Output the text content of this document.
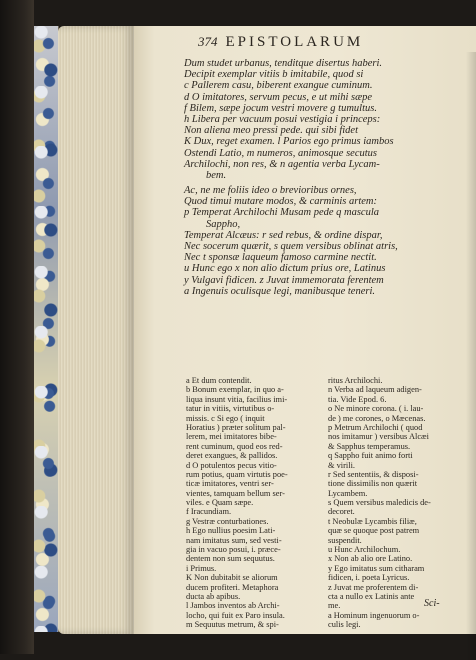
374 EPISTOLARUM
Dum studet urbanus, tenditque disertus haberi.
Decipit exemplar vitiis b imitabile, quod si
c Pallerem casu, biberent exangue cuminum.
d O imitatores, servum pecus, e ut mihi sæpe
f Bilem, sæpe jocum vestri movere g tumultus.
h Libera per vacuum posui vestigia i princeps:
Non aliena meo pressi pede. qui sibi fidet
K Dux, reget examen. l Parios ego primus iambos
Ostendi Latio, m numeros, animosque secutus
Archilochi, non res, & n agentia verba Lycam-
bem.
Ac, ne me foliis ideo o brevioribus ornes,
Quod timui mutare modos, & carminis artem:
p Temperat Archilochi Musam pede q mascula
Sappho,
Temperat Alcæus: r sed rebus, & ordine dispar,
Nec socerum quærit, s quem versibus oblinat atris,
Nec t sponsæ laqueum famoso carmine nectit.
u Hunc ego x non alio dictum prius ore, Latinus
y Vulgavi fidicen. z Juvat immemorata ferentem
a Ingenuis oculisque legi, manibusque teneri.
a Et dum contendit.
b Bonum exemplar, in quo a-
liqua insunt vitia, facilius imi-
tatur in vitiis, virtutibus o-
missis. c Si ego ( inquit
Horatius ) præter solitum pal-
lerem, mei imitatores bibe-
rent cuminum, quod eos red-
deret exangues, & pallidos.
d O potulentos pecus vitio-
rum potius, quam virtutis poe-
ticæ imitatores, ventri ser-
vientes, tamquam bellum ser-
viles. e Quam sæpe.
f Iracundiam.
g Vestræ conturbationes.
h Ego nullius poesim Lati-
nam imitatus sum, sed vesti-
gia in vacuo posui, i. præce-
dentem non sum sequutus.
i Primus.
K Non dubitabit se aliorum
ducem profiteri. Metaphora
ducta ab apibus.
l Jambos inventos ab Archi-
locho, qui fuit ex Paro insula.
m Sequutus metrum, & spi-
ritus Archilochi.
n Verba ad laqueum adigen-
tia. Vide Epod. 6.
o Ne minore corona. ( i. lau-
de ) me corones, o Mæcenas.
p Metrum Archilochi ( quod
nos imitamur ) versibus Alcæi
& Sapphus temperamus.
q Sappho fuit animo forti
& virili.
r Sed sententiis, & disposi-
tione dissimilis non quærit
Lycambem.
s Quem versibus maledicis de-
decoret.
t Neobulæ Lycambis filiæ,
quæ se quoque post patrem
suspendit.
u Hunc Archilochum.
x Non ab alio ore Latino.
y Ego imitatus sum citharam
fidicen, i. poeta Lyricus.
z Juvat me proferentem di-
cta a nullo ex Latinis ante
me.
a Hominum ingenuorum o-
culis legi.
Sci-
